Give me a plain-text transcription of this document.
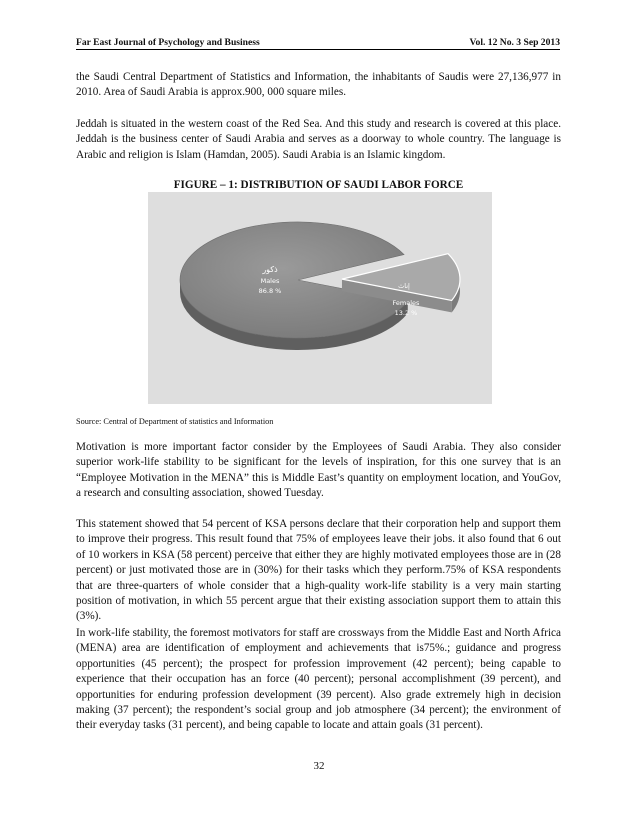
Far East Journal of Psychology and Business	Vol. 12 No. 3 Sep 2013

the Saudi Central Department of Statistics and Information, the inhabitants of Saudis were 27,136,977 in 2010. Area of Saudi Arabia is approx.900, 000 square miles.

Jeddah is situated in the western coast of the Red Sea. And this study and research is covered at this place. Jeddah is the business center of Saudi Arabia and serves as a doorway to whole country. The language is Arabic and religion is Islam (Hamdan, 2005). Saudi Arabia is an Islamic kingdom.

FIGURE – 1: DISTRIBUTION OF SAUDI LABOR FORCE
ذكور
Males
86.8 %
إناث
Females
13.2 %
Source: Central of Department of statistics and Information

Motivation is more important factor consider by the Employees of Saudi Arabia. They also consider superior work-life stability to be significant for the levels of inspiration, for this one survey that is an “Employee Motivation in the MENA” this is Middle East’s quantity on employment location, and YouGov, a research and consulting association, showed Tuesday.

This statement showed that 54 percent of KSA persons declare that their corporation help and support them to improve their progress. This result found that 75% of employees leave their jobs. it also found that 6 out of 10 workers in KSA (58 percent) perceive that either they are highly motivated employees those are in (28 percent) or just motivated those are in (30%) for their tasks which they perform.75% of KSA respondents that are three-quarters of whole consider that a high-quality work-life stability is a very main starting position of motivation, in which 55 percent argue that their existing association support them to attain this (3%).

In work-life stability, the foremost motivators for staff are crossways from the Middle East and North Africa (MENA) area are identification of employment and achievements that is75%.; guidance and progress opportunities (45 percent); the prospect for profession improvement (42 percent); being capable to experience that their occupation has an force (40 percent); personal accomplishment (39 percent), and opportunities for enduring profession development (39 percent). Also grade extremely high in decision making (37 percent); the respondent’s social group and job atmosphere (34 percent); the environment of their everyday tasks (31 percent), and being capable to locate and attain goals (31 percent).

32
